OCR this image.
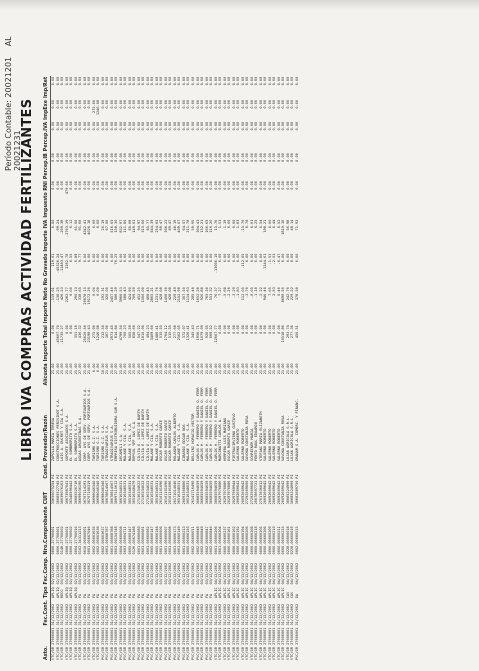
LIBRO IVA COMPRAS ACTIVIDAD FERTILIZANTES
Período Contable: 20021201 AL 20021231
Asto.	Fec.Cont.	Tipo	Fec.Comp.	Nro.Comprobante	CUIT	Cond.	Proveedor/Razón	Alícuota	Importe Total	Importe Neto	No Gravado	Importe IVA	Impuesto RNI	Percep.IB	Percep.IVA	ImpExe	Imp/Ret
VTC/GR 27600001	31/12/2002	APLIQ	02/12/2002	0000-27700001	33650075254	RI	ZAPOLLA MARIA TERESA	21.00	0.00	-119.01	119.01	0.00	0.00	0.00	0.00	0.00	0.00
VTC/GR 27600001	31/12/2002	APLIQ	02/12/2002	0006-27700001	30685527745	RI	CONSTRUCCIONES PERISINOT S.A.	21.00	-45607.70	-138.25	-45326.24	-99.24	0.00	0.00	0.00	0.00	0.00
VTC/GR 27600001	31/12/2002	RECG	03/12/2002	0148-27700002	30639070163	RI	LUIS A. DUCRET Y CIA S.A.	21.00	-11735.27	426.23	-11483.47	-209.38	0.00	0.00	0.00	0.00	0.00
VTC/GR 27600001	31/12/2002	APLIQ	03/12/2002	0008-27700001	30673987641	RI	SOPORTE ASOCIADOS S.A.	21.00	0.00	2282.77	2282.78	-2763.39	479.60	0.00	0.00	0.00	0.00
VTC/GR 27600001	31/12/2002	APLIQ	02/12/2002	0000-27700002	30548590442	RI	EL SOMBRERITO S.A.	21.00	0.00	0.00	0.55	0.12	0.00	0.00	0.00	0.00	0.00
VTC/GR 27600001	31/12/2002	APLIQ	02/12/2002	0004-27700016	30685520718	RI	EL SOMBRERITO S.A.	21.00	351.18	290.13	-0.89	61.00	0.00	0.00	0.00	0.00	0.00
VTC/GR 27600001	31/12/2002	FA	03/12/2002	0102-34311213	30699030190	RI	AGUAS ARGENTINAS S.A.	27.00	436.32	338.65	9.77	91.60	0.00	0.00	0.00	0.00	0.00
VTC/GR 27600001	31/12/2002	FA	03/12/2002	0010-00000001	30707114191	RI	CORP. AYS DE SERV. PORTUARIOS S.A.	21.00	25020.56	20678.15	0.00	4342.41	0.00	0.00	0.00	0.00	0.00
VTC/GR 27600001	31/12/2002	FA	03/12/2002	0001-00007046	30707108319	RI	CORP. AYS DE SERV. PORTUARIOS S.A.	21.00	23198.43	19172.26	0.00	4026.18	0.00	0.00	0.00	0.00	0.00
VTC/GR 27600001	31/12/2002	FA	03/12/2002	0002-00003635	30698040340	RI	TURISMO G.Z. S.A.	0.00	275.00	0.00	0.00	0.00	0.00	0.00	0.00	275.00	0.00
VTC/GR 27600001	31/12/2002	FA	03/12/2002	0002-00003636	30698040340	RI	TURISMO G.Z. S.A.	0.00	1246.08	0.00	0.00	0.00	0.00	0.00	0.00	1246.08	0.00
PVC/GR 27600001	31/12/2002	FA	03/12/2002	0002-00003637	30698040340	RI	TURISMO G.Z. S.A.	10.50	212.50	192.31	0.00	20.19	0.00	0.00	0.00	0.00	0.00
PVC/GR 27600001	31/12/2002	FA	03/12/2002	0001-00008787	30678814567	RI	STRADIVARIUS S.A.	21.00	387.00	320.00	0.00	67.00	0.00	0.00	0.00	0.00	0.00
PVC/GR 27600001	31/12/2002	FA	03/12/2002	0001-00008788	30678814567	RI	STRADIVARIUS S.A.	21.00	2973.45	2457.40	0.00	516.05	0.00	0.00	0.00	0.00	0.00
PVC/GR 27600001	31/12/2002	FA	03/12/2002	0003-00154748	30697115612	RI	EMPRESA DISTRIBUIDORA SUR S.A.	27.00	814.84	586.29	70.25	158.30	0.00	0.00	0.00	0.00	0.00
PVC/GR 27600001	31/12/2002	FA	03/12/2002	0004-00000008	30616348531	RI	DECAMILI S.A.	21.00	4799.50	3966.53	0.00	832.97	0.00	0.00	0.00	0.00	0.00
PVC/GR 27600001	31/12/2002	FA	03/12/2002	0003-00004711	30516348531	RI	MALANE Y CIA. S.A.	21.00	700.23	588.43	0.00	111.80	0.00	0.00	0.00	0.00	0.00
PVC/GR 27600001	31/12/2002	FA	03/12/2002	0005-00000147	30516348531	RI	MALANE Y CIA. S.A.	21.00	505.59	424.90	0.00	80.69	0.00	0.00	0.00	0.00	0.00
PVC/GR 27600001	31/12/2002	FA	03/12/2002	0126-00074188	30516348479	RI	REPSOL YPF GAS S.A.	21.00	858.60	709.59	0.00	149.01	0.00	0.00	0.00	0.00	0.00
PVC/GR 27600001	31/12/2002	FA	03/12/2002	0001-00000080	27136334022	RI	SILVIA E. LOPEZ DE BARTH	21.00	547.22	452.25	0.00	94.97	0.00	0.00	0.00	0.00	0.00
PVC/GR 27600001	31/12/2002	FA	03/12/2002	0001-00000081	27136334022	RI	SILVIA E. LOPEZ DE BARTH	21.00	1815.00	1500.00	0.00	315.00	0.00	0.00	0.00	0.00	0.00
PVC/GR 27600001	31/12/2002	FA	03/12/2002	0001-00000082	27136334022	RI	SILVIA E. LOPEZ DE BARTH	21.00	494.23	408.45	0.00	85.77	0.00	0.00	0.00	0.00	0.00
PVC/GR 27600001	31/12/2002	FA	03/12/2002	0005-00000147	30516348531	RI	MALANE Y CIA. S.A.	21.00	3409.60	2865.21	0.00	544.39	0.00	0.00	0.00	0.00	0.00
PVC/GR 27600001	31/12/2002	FA	03/12/2002	0005-00000148	30516348531	RI	MALANE Y CIA. S.A.	21.00	1486.41	1231.76	0.00	254.65	0.00	0.00	0.00	0.00	0.00
PVC/GR 27600001	31/12/2002	FA	03/12/2002	0001-00000006	20101101096	RI	OSCAR ROBERTO GARCE	21.00	515.55	428.08	0.00	89.47	0.00	0.00	0.00	0.00	0.00
PVC/GR 27600001	31/12/2002	FA	03/12/2002	0001-00000007	20101101096	RI	OSCAR ROBERTO GARCE	21.00	1764.12	1458.30	0.00	306.22	0.00	0.00	0.00	0.00	0.00
PVC/GR 27600001	31/12/2002	FA	03/12/2002	0001-00000008	20101101096	RI	OSCAR ROBERTO GARCE	21.00	515.55	428.08	0.00	89.47	0.00	0.00	0.00	0.00	0.00
PVC/GR 27600001	31/12/2002	FA	03/12/2002	0001-00000173	20171014046	RI	ROLANDO CARLOS ALBERTO	21.00	277.68	229.49	0.00	48.19	0.00	0.00	0.00	0.00	0.00
PVC/GR 27600001	31/12/2002	FA	03/12/2002	0001-00000149	30516348531	RI	MALANE Y CIA. S.A.	21.00	2562.05	2152.98	0.00	409.07	0.00	0.00	0.00	0.00	0.00
PVC/GR 27600001	31/12/2002	FA	03/12/2002	0001-00000213	20093308880	RI	GIBARDI EDGAR NOS	21.00	372.07	307.50	0.00	64.57	0.00	0.00	0.00	0.00	0.00
PVC/GR 27600001	31/12/2002	FA	03/12/2002	0005-00000150	30516348531	RI	MALANE Y CIA. S.A.	21.00	1326.41	1114.63	0.00	211.78	0.00	0.00	0.00	0.00	0.00
PVC/GR 27600001	31/12/2002	FA	03/12/2002	0002-00000011	20141716490	RI	BELLINI HORACIO HECTOR	21.00	345.43	285.48	0.00	59.95	0.00	0.00	0.00	0.00	0.00
PVC/GR 27600001	31/12/2002	FA	03/12/2002	0002-00000848	30685594059	RI	CARLOS H. FERRERO Y DANIEL O. FERR	21.00	1956.71	1652.28	0.00	304.43	0.00	0.00	0.00	0.00	0.00
PVC/GR 27600001	31/12/2002	FA	03/12/2002	0002-00000849	30685594059	RI	CARLOS H. FERRERO Y DANIEL O. FERR	21.00	1079.09	926.88	0.00	152.21	0.00	0.00	0.00	0.00	0.00
PVC/GR 27600001	31/12/2002	FA	03/12/2002	0002-00000847	30685594059	RI	CARLOS H. FERRERO Y DANIEL O. FERR	21.00	926.95	765.30	0.00	160.65	0.00	0.00	0.00	0.00	0.00
PVC/GR 27600001	31/12/2002	FA	03/12/2002	0002-00000846	30685594059	RI	CARLOS H. FERRERO Y DANIEL O. FERR	21.00	669.52	553.32	0.00	116.20	0.00	0.00	0.00	0.00	0.00
VTC/GR 27600001	31/12/2002	APLIC	04/12/2002	0001-00000206	30685594059	RI	CARLOS H. FERRERO Y DANIEL O. FERR	21.00	-12607.77	76.37	-13000.10	15.76	0.00	0.00	0.00	0.00	0.00
VTC/GR 27600001	31/12/2002	APLIC	04/12/2002	0001-00000204	20297970886	RI	MARCONATTI CARLOS A.	21.00	0.00	7.27	0.00	1.53	0.00	0.00	0.00	0.00	0.00
VTC/GR 27600001	31/12/2002	APLIC	04/12/2002	0000-00000237	20297970886	RI	HERRERA LUIS MARIANO	21.00	0.00	-5.68	0.00	-1.19	0.00	0.00	0.00	0.00	0.00
VTC/GR 27600001	31/12/2002	APLIC	04/12/2002	0000-00000161	20297970886	RI	OSCAR ROBERTO GARCE	21.00	0.00	-2.26	0.00	0.00	0.00	0.00	0.00	0.00	0.00
VTC/GR 27600001	31/12/2002	APLIC	04/12/2002	0000-00000162	20297969944	RI	PIETRAVIRVIENO GUSTAVO	21.00	0.00	-3.29	0.00	0.00	0.00	0.00	0.00	0.00	0.00
VTC/GR 27600001	31/12/2002	APLIC	04/12/2002	0000-00000192	20092609642	RI	SALERNO ROBERTO	21.00	0.00	-1.83	0.00	1.83	0.00	0.00	0.00	0.00	0.00
VTC/GR 27600001	31/12/2002	APLIC	04/12/2002	0000-00000194	20092609642	RI	SALERNO ROBERTO	21.00	0.00	112.05	-112.05	-15.76	0.00	0.00	0.00	0.00	0.00
VTC/GR 27600001	31/12/2002	APLIC	04/12/2002	0000-00000206	27292569600	RI	SAVONA CONSTANZA ROSA	21.00	0.00	-3.76	0.00	0.78	0.00	0.00	0.00	0.00	0.00
VTC/GR 27600001	31/12/2002	APLIC	04/12/2002	0000-00000208	27292569600	RI	SCHREINER MARIA	21.00	0.00	-0.05	0.00	0.01	0.00	0.00	0.00	0.00	0.00
VTC/GR 27600001	31/12/2002	APLIC	04/12/2002	0000-00000218	20078697721	RI	PENTO RAUL EDUARDO	21.00	0.00	-1.18	0.00	0.25	0.00	0.00	0.00	0.00	0.00
VTC/GR 27600001	31/12/2002	APLIC	04/12/2002	0000-00000205	27017836012	RI	STEFANI MARIA ELIZABETH	21.00	0.00	-2.22	0.00	0.54	0.00	0.00	0.00	0.00	0.00
VTC/GR 27600001	31/12/2002	APLIC	04/12/2002	0000-00000206	20092609642	RI	SALERNO ROBERTO	21.00	0.00	946.40	-1144.61	198.21	0.00	0.00	0.00	0.00	0.00
VTC/GR 27600001	31/12/2002	APLIC	04/12/2002	0000-00000209	20092609642	RI	SALERNO ROBERTO	21.00	0.00	7.65	-1.53	0.00	0.00	0.00	0.00	0.00	0.00
VTC/GR 27600001	31/12/2002	APLIC	04/12/2002	0000-00000210	20092609642	RI	SALERNO ROBERTO	21.00	0.00	2.53	-2.53	0.44	0.00	0.00	0.00	0.00	0.00
VTC/GR 27600001	31/12/2002	APLIC	04/12/2002	0000-00000211	20092609642	RI	SALERNO ROBERTO	21.00	0.00	0.46	-0.47	0.52	0.00	0.00	0.00	0.00	0.00
VTC/GR 27600001	31/12/2002	APLIC	04/12/2002	0000-00000215	20092609642	RI	SAVONA CONSTANZA ROSA	21.00	10518.86	8699.56	0.00	1819.30	0.00	0.00	0.00	0.00	0.00
VTC/GR 27600001	31/12/2002	CAV	04/12/2002	0228-00000018	30685224999	RI	LUJAN AGRICOLA S.R.L.	21.00	293.74	242.76	0.00	50.98	0.00	0.00	0.00	0.00	0.00
VTC/GR 27600001	31/12/2002	CAV	04/12/2002	0228-00000019	30685224999	RI	LUJAN AGRICOLA S.R.L.	21.00	277.36	229.22	0.00	48.14	0.00	0.00	0.00	0.00	0.00
PVC/GR 27600001	31/12/2002	DA	04/12/2002	0002-00000515	30682689750	RI	GRANAR S.A. COMERC. Y FINANC.	21.00	450.51	378.58	0.00	71.93	0.00	0.00	0.00	0.00	0.00
